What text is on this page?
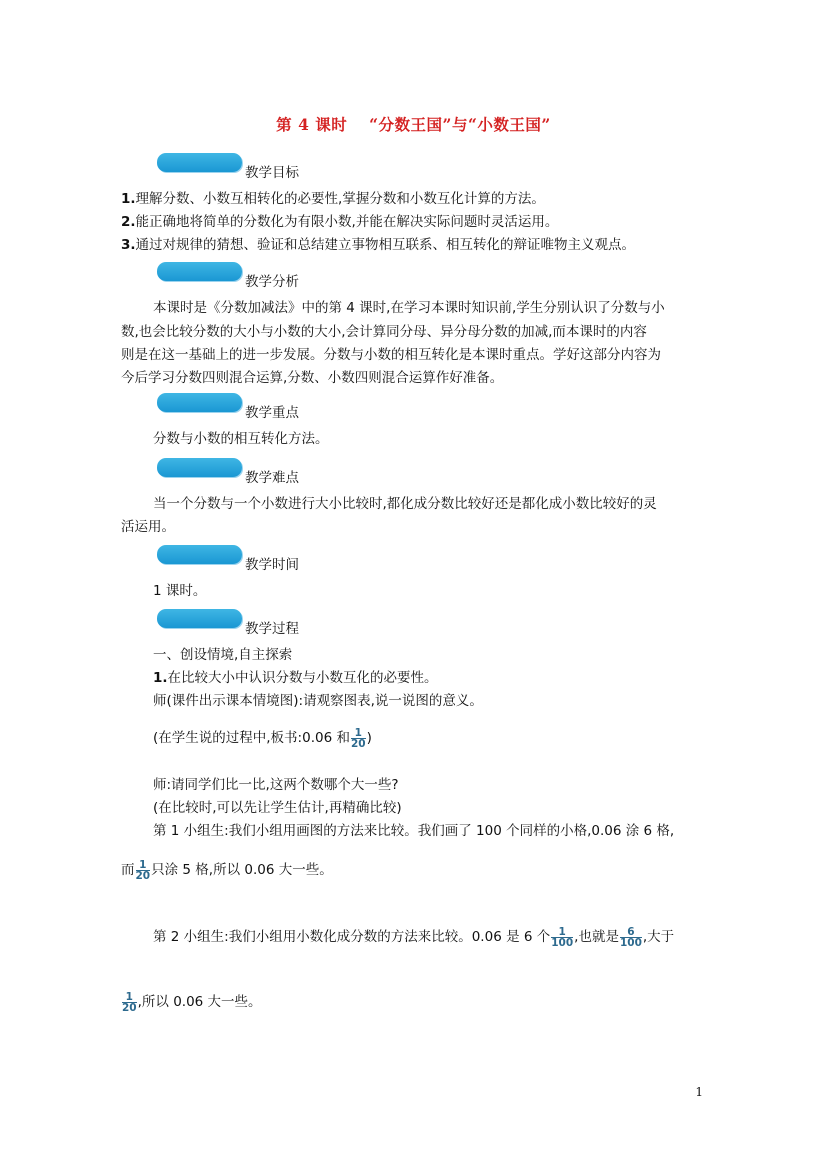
第 4 课时　 “分数王国”与“小数王国”
教学目标
1.理解分数、小数互相转化的必要性,掌握分数和小数互化计算的方法。
2.能正确地将简单的分数化为有限小数,并能在解决实际问题时灵活运用。
3.通过对规律的猜想、验证和总结建立事物相互联系、相互转化的辩证唯物主义观点。
教学分析
本课时是《分数加减法》中的第 4 课时,在学习本课时知识前,学生分别认识了分数与小
数,也会比较分数的大小与小数的大小,会计算同分母、异分母分数的加减,而本课时的内容
则是在这一基础上的进一步发展。分数与小数的相互转化是本课时重点。学好这部分内容为
今后学习分数四则混合运算,分数、小数四则混合运算作好准备。
教学重点
分数与小数的相互转化方法。
教学难点
当一个分数与一个小数进行大小比较时,都化成分数比较好还是都化成小数比较好的灵
活运用。
教学时间
1 课时。
教学过程
一、创设情境,自主探索
1.在比较大小中认识分数与小数互化的必要性。
师(课件出示课本情境图):请观察图表,说一说图的意义。
(在学生说的过程中,板书:0.06 和 $\frac{1}{20}$ )
师:请同学们比一比,这两个数哪个大一些?
(在比较时,可以先让学生估计,再精确比较)
第 1 小组生:我们小组用画图的方法来比较。我们画了 100 个同样的小格,0.06 涂 6 格,
而 $\frac{1}{20}$ 只涂 5 格,所以 0.06 大一些。
第 2 小组生:我们小组用小数化成分数的方法来比较。0.06 是 6 个 $\frac{1}{100}$ ,也就是 $\frac{6}{100}$ ,大于
$\frac{1}{20}$ ,所以 0.06 大一些。
1
